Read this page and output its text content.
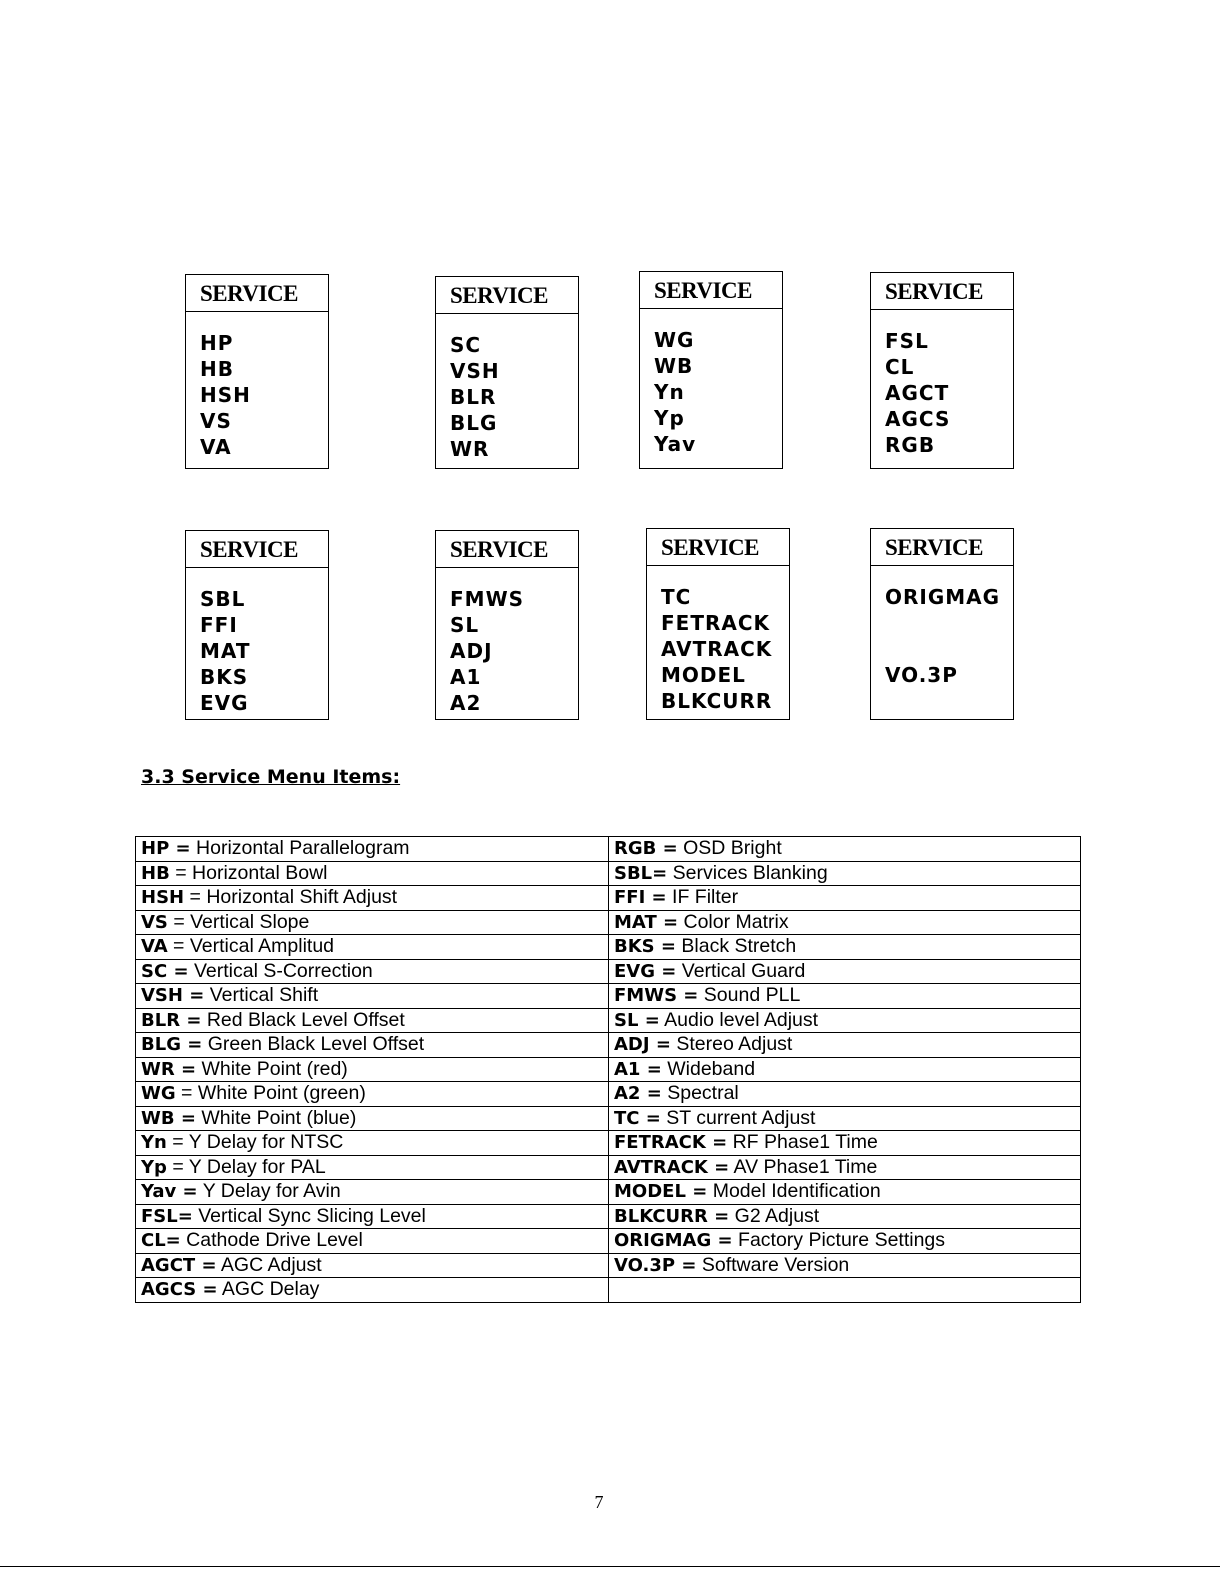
SERVICE
HP
HB
HSH
VS
VA
SERVICE
SC
VSH
BLR
BLG
WR
SERVICE
WG
WB
Yn
Yp
Yav
SERVICE
FSL
CL
AGCT
AGCS
RGB
SERVICE
SBL
FFI
MAT
BKS
EVG
SERVICE
FMWS
SL
ADJ
A1
A2
SERVICE
TC
FETRACK
AVTRACK
MODEL
BLKCURR
SERVICE
ORIGMAG
VO.3P
3.3 Service Menu Items:
HP = Horizontal Parallelogram	RGB = OSD Bright
HB = Horizontal Bowl	SBL= Services Blanking
HSH = Horizontal Shift Adjust	FFI = IF Filter
VS = Vertical Slope	MAT = Color Matrix
VA = Vertical Amplitud	BKS = Black Stretch
SC = Vertical S-Correction	EVG = Vertical Guard
VSH = Vertical Shift	FMWS = Sound PLL
BLR = Red Black Level Offset	SL = Audio level Adjust
BLG = Green Black Level Offset	ADJ = Stereo Adjust
WR = White Point (red)	A1 = Wideband
WG = White Point (green)	A2 = Spectral
WB = White Point (blue)	TC = ST current Adjust
Yn = Y Delay for NTSC	FETRACK = RF Phase1 Time
Yp = Y Delay for PAL	AVTRACK = AV Phase1 Time
Yav = Y Delay for Avin	MODEL = Model Identification
FSL= Vertical Sync Slicing Level	BLKCURR = G2 Adjust
CL= Cathode Drive Level	ORIGMAG = Factory Picture Settings
AGCT = AGC Adjust	VO.3P = Software Version
AGCS = AGC Delay	
7
